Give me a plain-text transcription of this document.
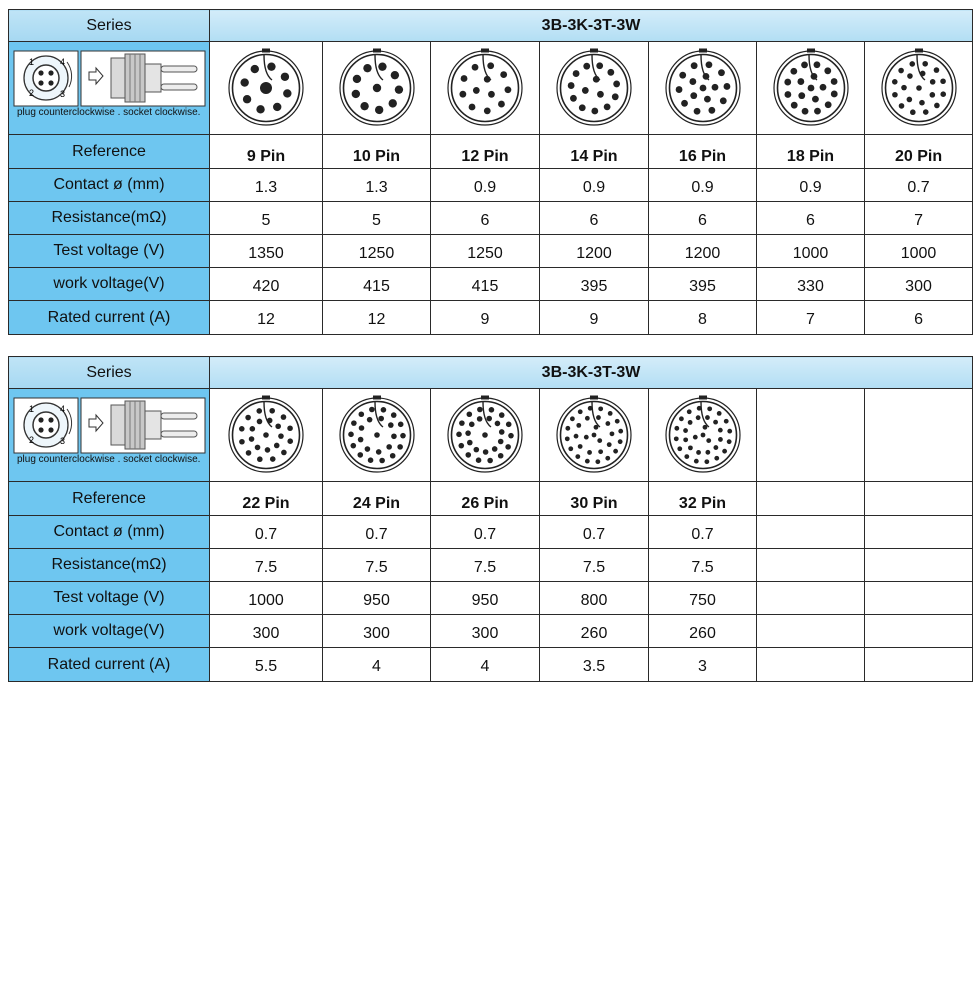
Series	3B-3K-3T-3W						

1
2 3
4
plug counterclockwise . socket clockwise.

Reference	9 Pin	10 Pin	12 Pin	14 Pin	16 Pin	18 Pin	20 Pin
Contact ø (mm)	1.3	1.3	0.9	0.9	0.9	0.9	0.7
Resistance(mΩ)	5	5	6	6	6	6	7
Test voltage (V)	1350	1250	1250	1200	1200	1000	1000
work voltage(V)	420	415	415	395	395	330	300
Rated current (A)	12	12	9	9	8	7	6
Series	3B-3K-3T-3W						

1
2 3
4
plug counterclockwise . socket clockwise.

Reference	22 Pin	24 Pin	26 Pin	30 Pin	32 Pin		
Contact ø (mm)	0.7	0.7	0.7	0.7	0.7		
Resistance(mΩ)	7.5	7.5	7.5	7.5	7.5		
Test voltage (V)	1000	950	950	800	750		
work voltage(V)	300	300	300	260	260		
Rated current (A)	5.5	4	4	3.5	3		
